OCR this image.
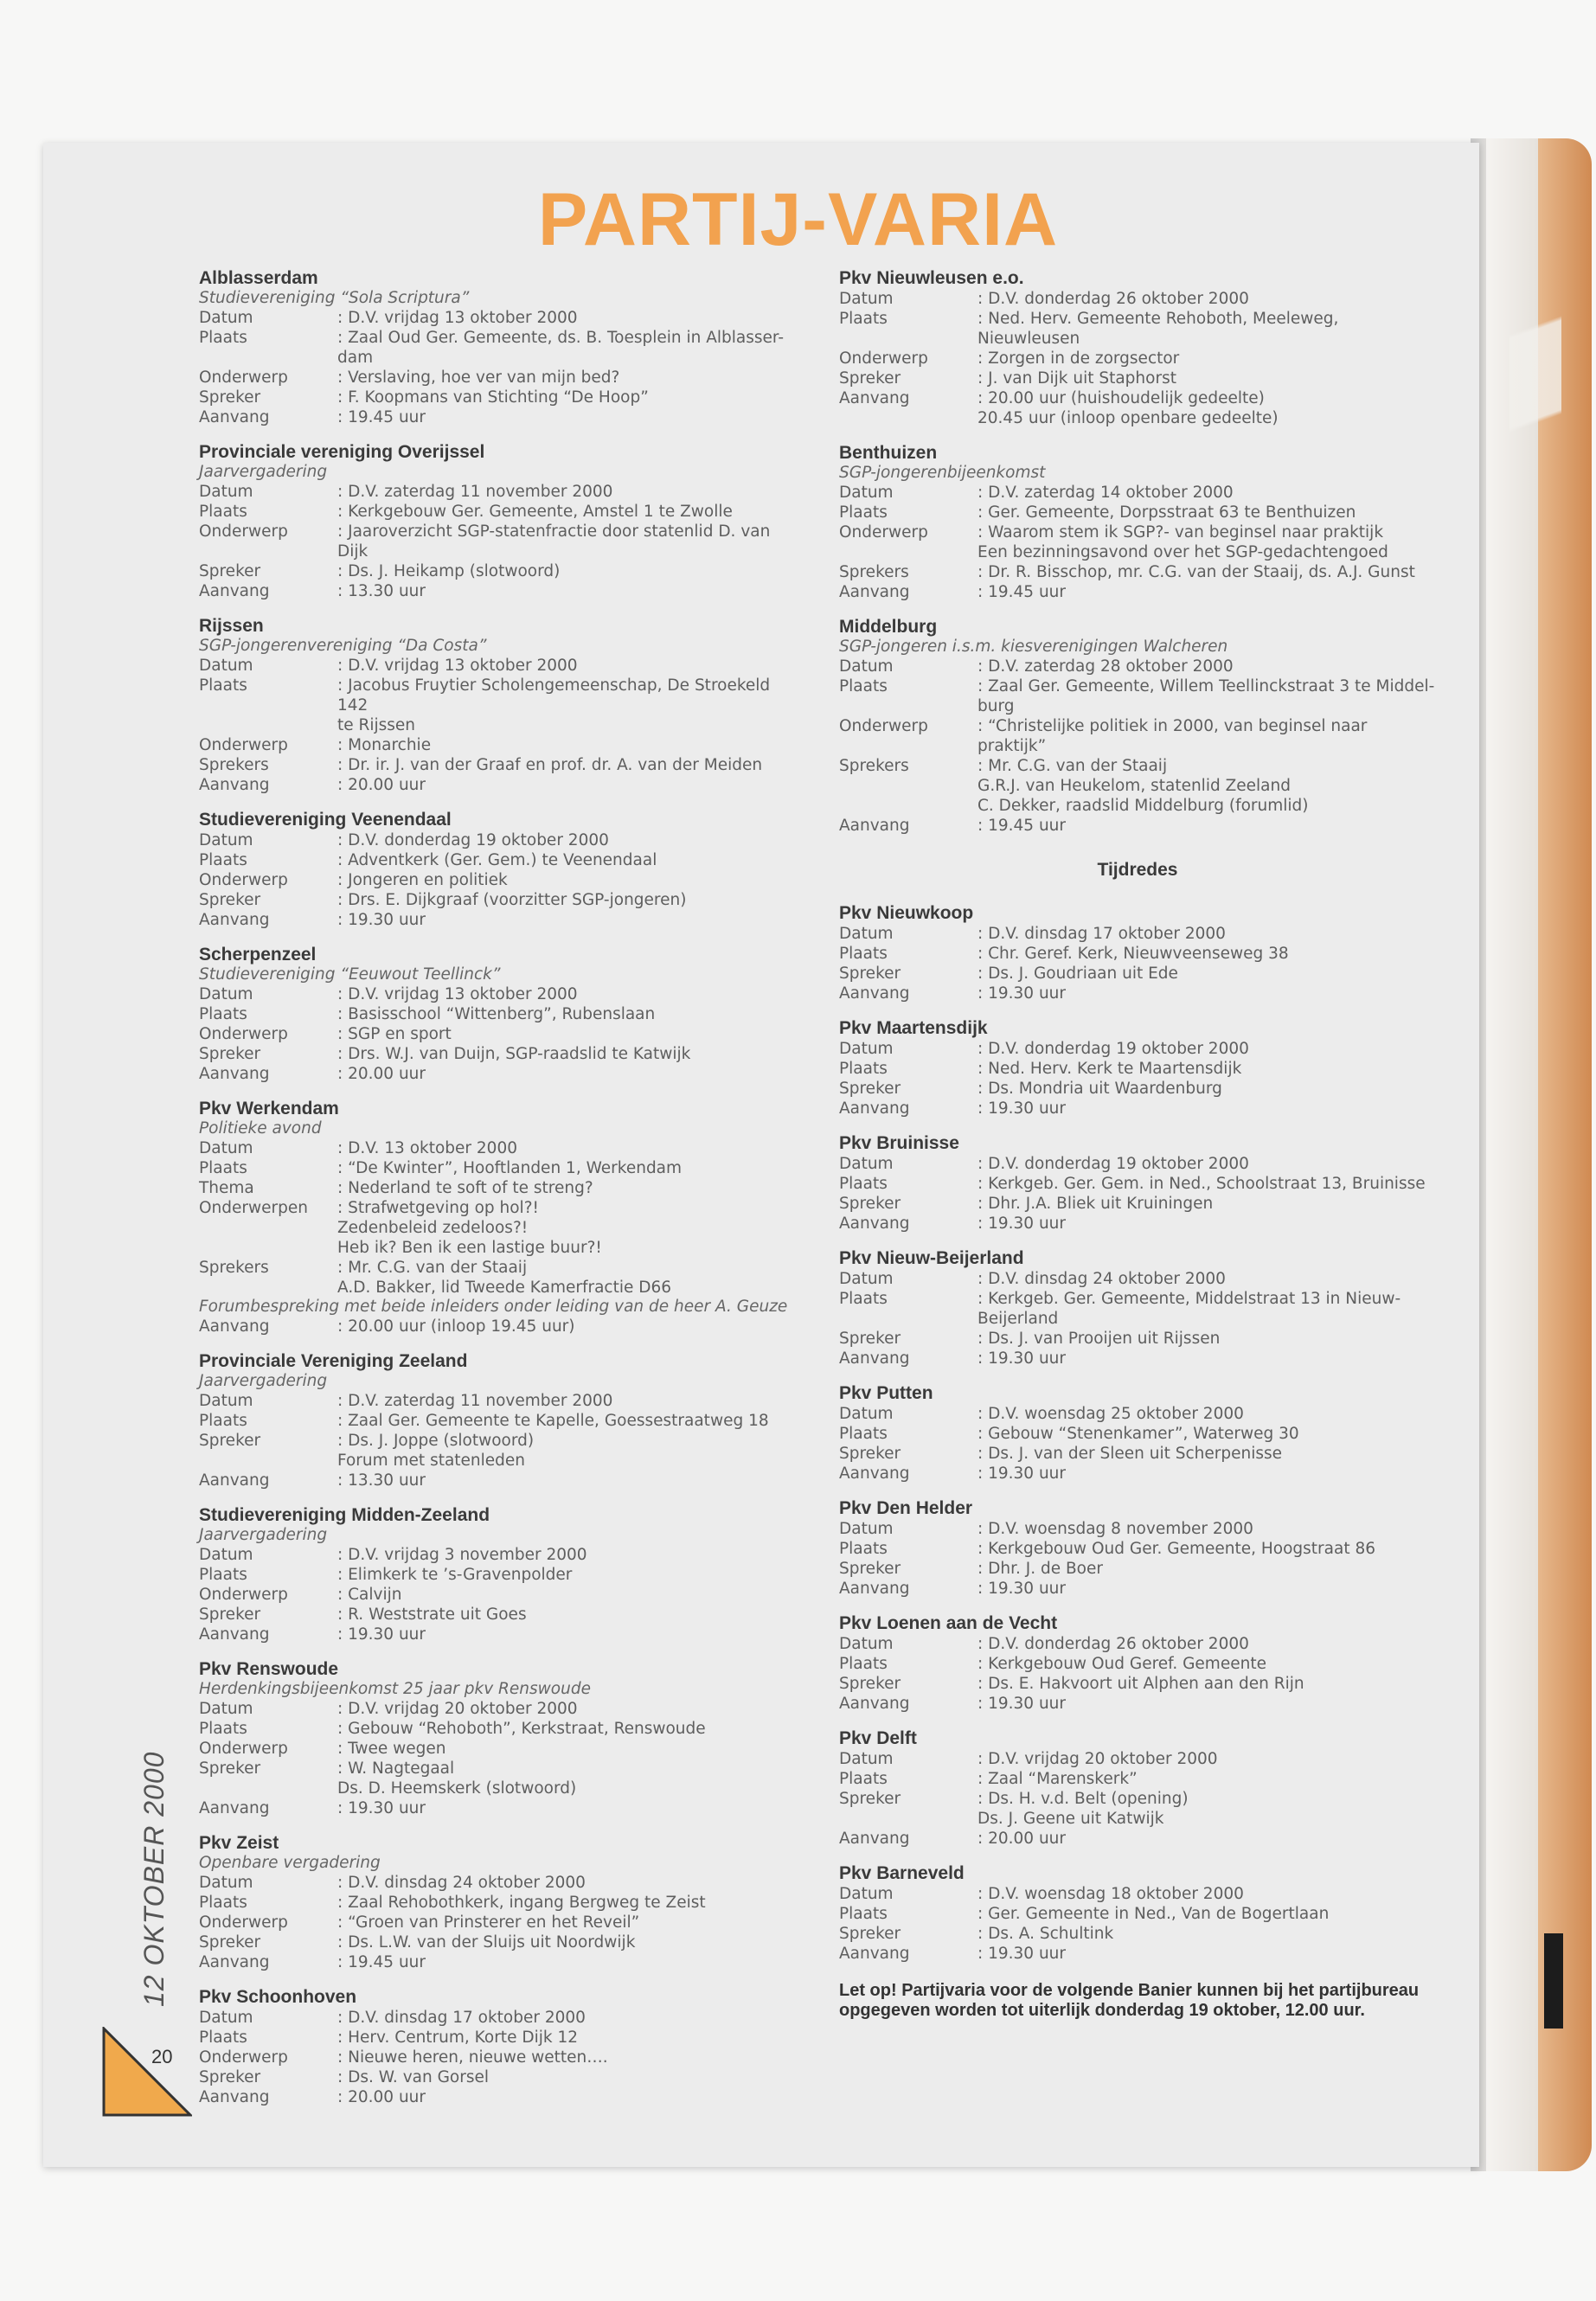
PARTIJ-VARIA
Alblasserdam
Studievereniging “Sola Scriptura”
Datum	: D.V. vrijdag 13 oktober 2000
Plaats	: Zaal Oud Ger. Gemeente, ds. B. Toesplein in Alblasser-
dam
Onderwerp	: Verslaving, hoe ver van mijn bed?
Spreker	: F. Koopmans van Stichting “De Hoop”
Aanvang	: 19.45 uur
Provinciale vereniging Overijssel
Jaarvergadering
Datum	: D.V. zaterdag 11 november 2000
Plaats	: Kerkgebouw Ger. Gemeente, Amstel 1 te Zwolle
Onderwerp	: Jaaroverzicht SGP-statenfractie door statenlid D. van Dijk
Spreker	: Ds. J. Heikamp (slotwoord)
Aanvang	: 13.30 uur
Rijssen
SGP-jongerenvereniging “Da Costa”
Datum	: D.V. vrijdag 13 oktober 2000
Plaats	: Jacobus Fruytier Scholengemeenschap, De Stroekeld 142
te Rijssen
Onderwerp	: Monarchie
Sprekers	: Dr. ir. J. van der Graaf en prof. dr. A. van der Meiden
Aanvang	: 20.00 uur
Studievereniging Veenendaal
Datum	: D.V. donderdag 19 oktober 2000
Plaats	: Adventkerk (Ger. Gem.) te Veenendaal
Onderwerp	: Jongeren en politiek
Spreker	: Drs. E. Dijkgraaf (voorzitter SGP-jongeren)
Aanvang	: 19.30 uur
Scherpenzeel
Studievereniging “Eeuwout Teellinck”
Datum	: D.V. vrijdag 13 oktober 2000
Plaats	: Basisschool “Wittenberg”, Rubenslaan
Onderwerp	: SGP en sport
Spreker	: Drs. W.J. van Duijn, SGP-raadslid te Katwijk
Aanvang	: 20.00 uur
Pkv Werkendam
Politieke avond
Datum	: D.V. 13 oktober 2000
Plaats	: “De Kwinter”, Hooftlanden 1, Werkendam
Thema	: Nederland te soft of te streng?
Onderwerpen	: Strafwetgeving op hol?!
Zedenbeleid zedeloos?!
Heb ik? Ben ik een lastige buur?!
Sprekers	: Mr. C.G. van der Staaij
A.D. Bakker, lid Tweede Kamerfractie D66
Forumbespreking met beide inleiders onder leiding van de heer A. Geuze
Aanvang	: 20.00 uur (inloop 19.45 uur)
Provinciale Vereniging Zeeland
Jaarvergadering
Datum	: D.V. zaterdag 11 november 2000
Plaats	: Zaal Ger. Gemeente te Kapelle, Goessestraatweg 18
Spreker	: Ds. J. Joppe (slotwoord)
Forum met statenleden
Aanvang	: 13.30 uur
Studievereniging Midden-Zeeland
Jaarvergadering
Datum	: D.V. vrijdag 3 november 2000
Plaats	: Elimkerk te ’s-Gravenpolder
Onderwerp	: Calvijn
Spreker	: R. Weststrate uit Goes
Aanvang	: 19.30 uur
Pkv Renswoude
Herdenkingsbijeenkomst 25 jaar pkv Renswoude
Datum	: D.V. vrijdag 20 oktober 2000
Plaats	: Gebouw “Rehoboth”, Kerkstraat, Renswoude
Onderwerp	: Twee wegen
Spreker	: W. Nagtegaal
Ds. D. Heemskerk (slotwoord)
Aanvang	: 19.30 uur
Pkv Zeist
Openbare vergadering
Datum	: D.V. dinsdag 24 oktober 2000
Plaats	: Zaal Rehobothkerk, ingang Bergweg te Zeist
Onderwerp	: “Groen van Prinsterer en het Reveil”
Spreker	: Ds. L.W. van der Sluijs uit Noordwijk
Aanvang	: 19.45 uur
Pkv Schoonhoven
Datum	: D.V. dinsdag 17 oktober 2000
Plaats	: Herv. Centrum, Korte Dijk 12
Onderwerp	: Nieuwe heren, nieuwe wetten….
Spreker	: Ds. W. van Gorsel
Aanvang	: 20.00 uur
Pkv Nieuwleusen e.o.
Datum	: D.V. donderdag 26 oktober 2000
Plaats	: Ned. Herv. Gemeente Rehoboth, Meeleweg,
Nieuwleusen
Onderwerp	: Zorgen in de zorgsector
Spreker	: J. van Dijk uit Staphorst
Aanvang	: 20.00 uur (huishoudelijk gedeelte)
20.45 uur (inloop openbare gedeelte)
Benthuizen
SGP-jongerenbijeenkomst
Datum	: D.V. zaterdag 14 oktober 2000
Plaats	: Ger. Gemeente, Dorpsstraat 63 te Benthuizen
Onderwerp	: Waarom stem ik SGP?- van beginsel naar praktijk
Een bezinningsavond over het SGP-gedachtengoed
Sprekers	: Dr. R. Bisschop, mr. C.G. van der Staaij, ds. A.J. Gunst
Aanvang	: 19.45 uur
Middelburg
SGP-jongeren i.s.m. kiesverenigingen Walcheren
Datum	: D.V. zaterdag 28 oktober 2000
Plaats	: Zaal Ger. Gemeente, Willem Teellinckstraat 3 te Middel-
burg
Onderwerp	: “Christelijke politiek in 2000, van beginsel naar praktijk”
Sprekers	: Mr. C.G. van der Staaij
G.R.J. van Heukelom, statenlid Zeeland
C. Dekker, raadslid Middelburg (forumlid)
Aanvang	: 19.45 uur
Tijdredes
Pkv Nieuwkoop
Datum	: D.V. dinsdag 17 oktober 2000
Plaats	: Chr. Geref. Kerk, Nieuwveenseweg 38
Spreker	: Ds. J. Goudriaan uit Ede
Aanvang	: 19.30 uur
Pkv Maartensdijk
Datum	: D.V. donderdag 19 oktober 2000
Plaats	: Ned. Herv. Kerk te Maartensdijk
Spreker	: Ds. Mondria uit Waardenburg
Aanvang	: 19.30 uur
Pkv Bruinisse
Datum	: D.V. donderdag 19 oktober 2000
Plaats	: Kerkgeb. Ger. Gem. in Ned., Schoolstraat 13, Bruinisse
Spreker	: Dhr. J.A. Bliek uit Kruiningen
Aanvang	: 19.30 uur
Pkv Nieuw-Beijerland
Datum	: D.V. dinsdag 24 oktober 2000
Plaats	: Kerkgeb. Ger. Gemeente, Middelstraat 13 in Nieuw-
Beijerland
Spreker	: Ds. J. van Prooijen uit Rijssen
Aanvang	: 19.30 uur
Pkv Putten
Datum	: D.V. woensdag 25 oktober 2000
Plaats	: Gebouw “Stenenkamer”, Waterweg 30
Spreker	: Ds. J. van der Sleen uit Scherpenisse
Aanvang	: 19.30 uur
Pkv Den Helder
Datum	: D.V. woensdag 8 november 2000
Plaats	: Kerkgebouw Oud Ger. Gemeente, Hoogstraat 86
Spreker	: Dhr. J. de Boer
Aanvang	: 19.30 uur
Pkv Loenen aan de Vecht
Datum	: D.V. donderdag 26 oktober 2000
Plaats	: Kerkgebouw Oud Geref. Gemeente
Spreker	: Ds. E. Hakvoort uit Alphen aan den Rijn
Aanvang	: 19.30 uur
Pkv Delft
Datum	: D.V. vrijdag 20 oktober 2000
Plaats	: Zaal “Marenskerk”
Spreker	: Ds. H. v.d. Belt (opening)
Ds. J. Geene uit Katwijk
Aanvang	: 20.00 uur
Pkv Barneveld
Datum	: D.V. woensdag 18 oktober 2000
Plaats	: Ger. Gemeente in Ned., Van de Bogertlaan
Spreker	: Ds. A. Schultink
Aanvang	: 19.30 uur
Let op! Partijvaria voor de volgende Banier kunnen bij het partijbureau opgegeven worden tot uiterlijk donderdag 19 oktober, 12.00 uur.
12 OKTOBER 2000
20
